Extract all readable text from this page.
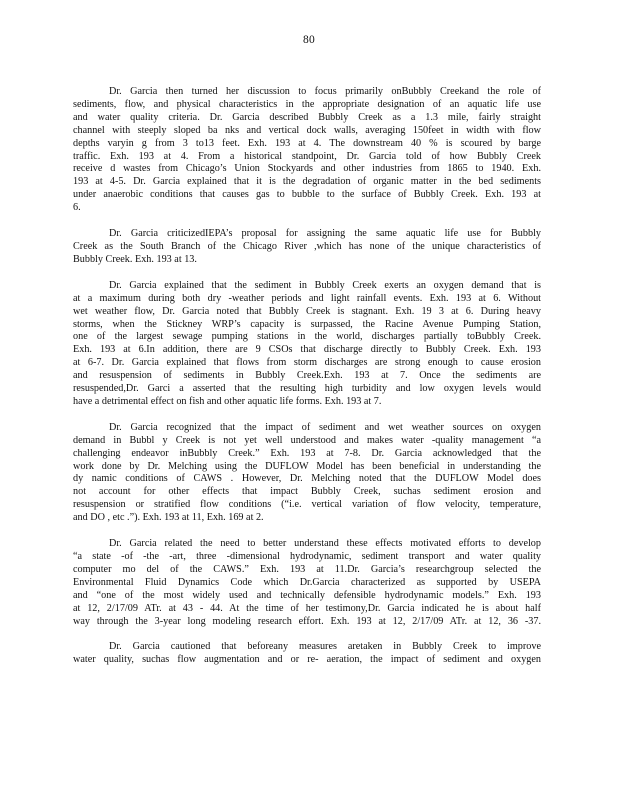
80
Dr. Garcia then turned her discussion to focus primarily onBubbly Creekand the role of
sediments, flow, and physical characteristics in the appropriate designation of an aquatic life use
and water quality criteria. Dr. Garcia described Bubbly Creek as a 1.3 mile, fairly straight
channel with steeply sloped ba nks and vertical dock walls, averaging 150feet in width with flow
depths varyin g from 3 to13 feet. Exh. 193 at 4. The downstream 40 % is scoured by barge
traffic. Exh. 193 at 4. From a historical standpoint, Dr. Garcia told of how Bubbly Creek
receive d wastes from Chicago’s Union Stockyards and other industries from 1865 to 1940. Exh.
193 at 4-5. Dr. Garcia explained that it is the degradation of organic matter in the bed sediments
under anaerobic conditions that causes gas to bubble to the surface of Bubbly Creek. Exh. 193 at
6.
Dr. Garcia criticizedIEPA’s proposal for assigning the same aquatic life use for Bubbly
Creek as the South Branch of the Chicago River ,which has none of the unique characteristics of
Bubbly Creek. Exh. 193 at 13.
Dr. Garcia explained that the sediment in Bubbly Creek exerts an oxygen demand that is
at a maximum during both dry -weather periods and light rainfall events. Exh. 193 at 6. Without
wet weather flow, Dr. Garcia noted that Bubbly Creek is stagnant. Exh. 19 3 at 6. During heavy
storms, when the Stickney WRP’s capacity is surpassed, the Racine Avenue Pumping Station,
one of the largest sewage pumping stations in the world, discharges partially toBubbly Creek.
Exh. 193 at 6.In addition, there are 9 CSOs that discharge directly to Bubbly Creek. Exh. 193
at 6-7. Dr. Garcia explained that flows from storm discharges are strong enough to cause erosion
and resuspension of sediments in Bubbly Creek.Exh. 193 at 7. Once the sediments are
resuspended,Dr. Garci a asserted that the resulting high turbidity and low oxygen levels would
have a detrimental effect on fish and other aquatic life forms. Exh. 193 at 7.
Dr. Garcia recognized that the impact of sediment and wet weather sources on oxygen
demand in Bubbl y Creek is not yet well understood and makes water -quality management “a
challenging endeavor inBubbly Creek.” Exh. 193 at 7-8. Dr. Garcia acknowledged that the
work done by Dr. Melching using the DUFLOW Model has been beneficial in understanding the
dy namic conditions of CAWS . However, Dr. Melching noted that the DUFLOW Model does
not account for other effects that impact Bubbly Creek, suchas sediment erosion and
resuspension or stratified flow conditions (“i.e. vertical variation of flow velocity, temperature,
and DO , etc .”). Exh. 193 at 11, Exh. 169 at 2.
Dr. Garcia related the need to better understand these effects motivated efforts to develop
“a state -of -the -art, three -dimensional hydrodynamic, sediment transport and water quality
computer mo del of the CAWS.” Exh. 193 at 11.Dr. Garcia’s researchgroup selected the
Environmental Fluid Dynamics Code which Dr.Garcia characterized as supported by USEPA
and “one of the most widely used and technically defensible hydrodynamic models.” Exh. 193
at 12, 2/17/09 ATr. at 43 - 44. At the time of her testimony,Dr. Garcia indicated he is about half
way through the 3-year long modeling research effort. Exh. 193 at 12, 2/17/09 ATr. at 12, 36 -37.
Dr. Garcia cautioned that beforeany measures aretaken in Bubbly Creek to improve
water quality, suchas flow augmentation and or re- aeration, the impact of sediment and oxygen
